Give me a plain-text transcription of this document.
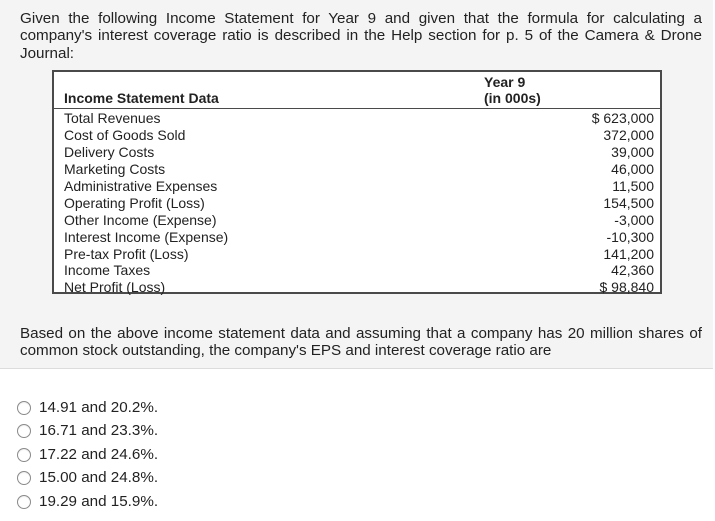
Given the following Income Statement for Year 9 and given that the formula for calculating a company's interest coverage ratio is described in the Help section for p. 5 of the Camera & Drone Journal:

Income Statement Data
Year 9
(in 000s)
Total Revenues
Cost of Goods Sold
Delivery Costs
Marketing Costs
Administrative Expenses
Operating Profit (Loss)
Other Income (Expense)
Interest Income (Expense)
Pre-tax Profit (Loss)
Income Taxes
Net Profit (Loss)
$ 623,000
372,000
39,000
46,000
11,500
154,500
-3,000
-10,300
141,200
42,360
$ 98,840

Based on the above income statement data and assuming that a company has 20 million shares of common stock outstanding, the company's EPS and interest coverage ratio are

14.91 and 20.2%.
16.71 and 23.3%.
17.22 and 24.6%.
15.00 and 24.8%.
19.29 and 15.9%.
